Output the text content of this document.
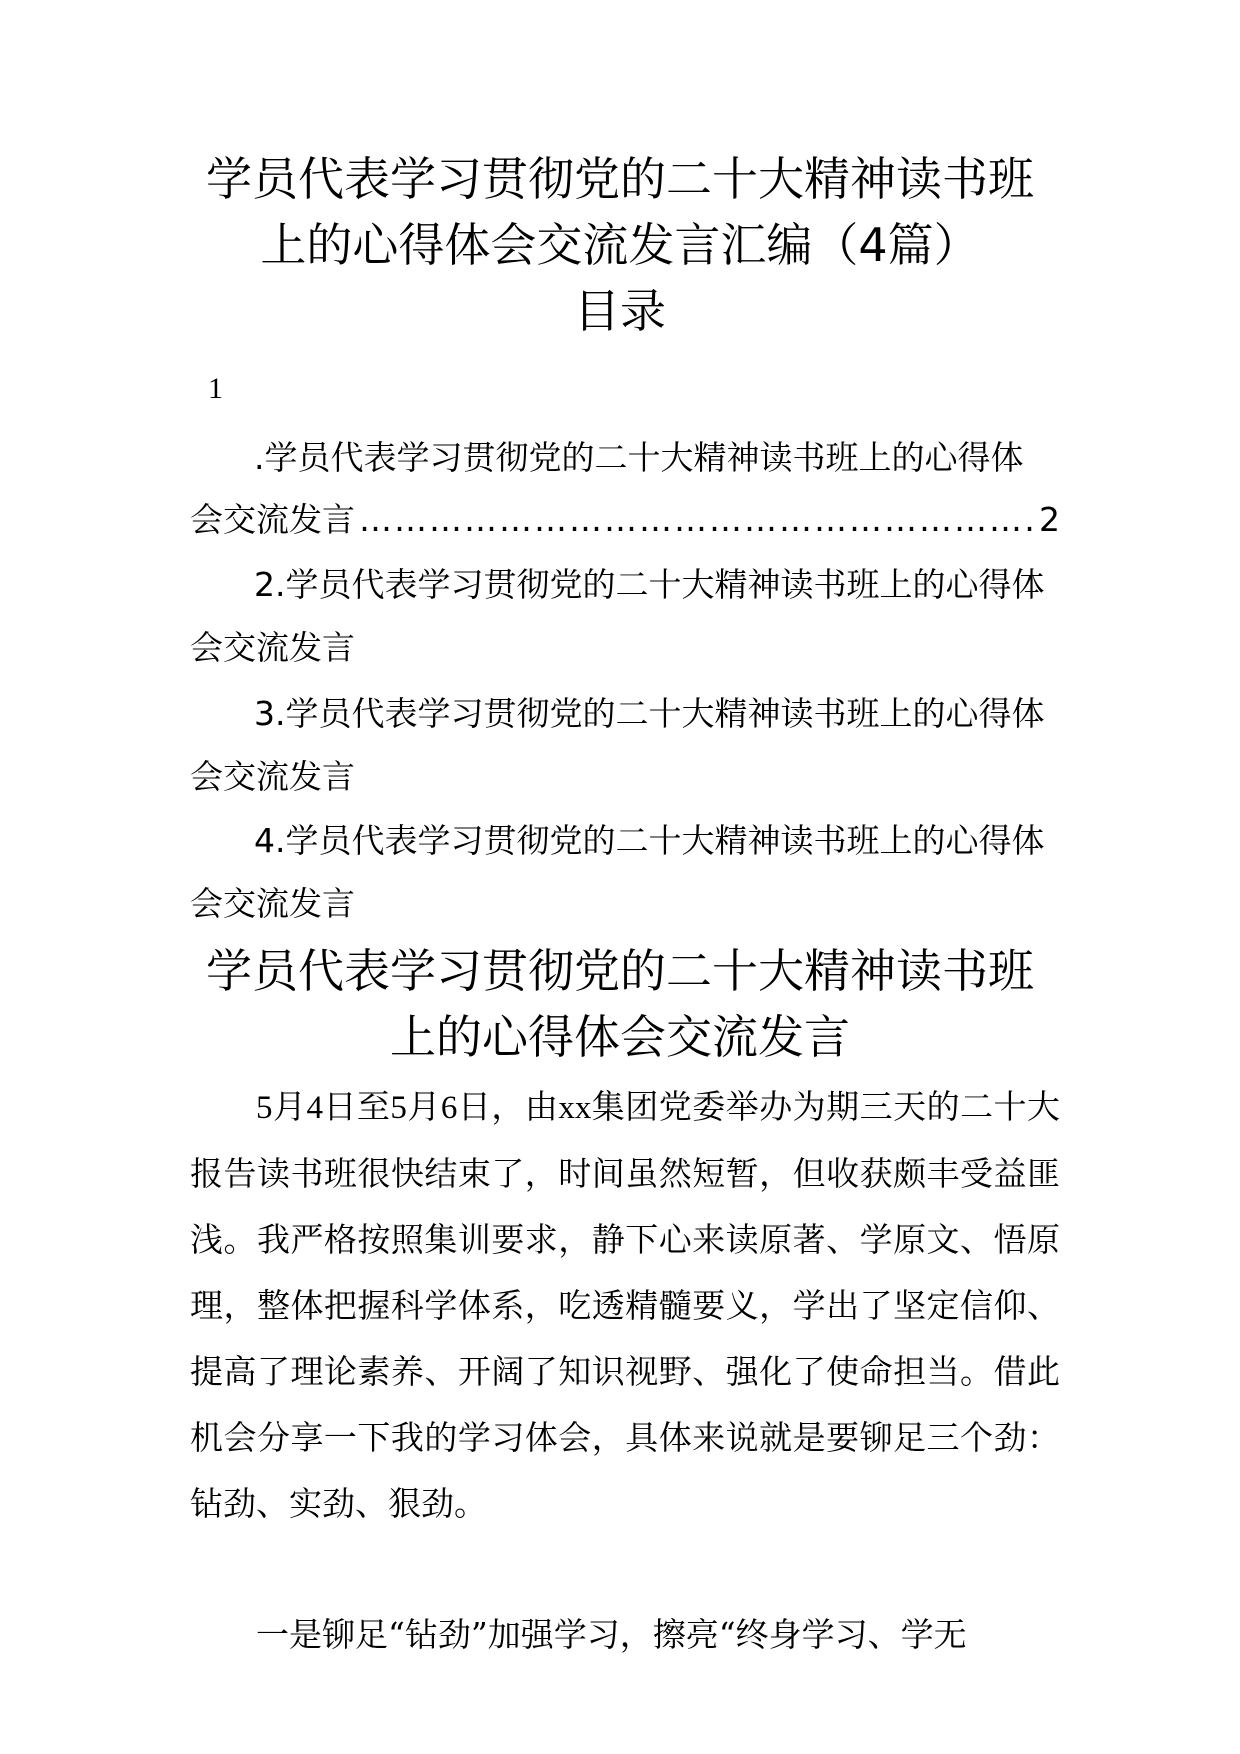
学员代表学习贯彻党的二十大精神读书班
上的心得体会交流发言汇编（4篇）
目录
1
.学员代表学习贯彻党的二十大精神读书班上的心得体
会交流发言
…………………………………………………………………………………………………………………………	2
2.学员代表学习贯彻党的二十大精神读书班上的心得体
会交流发言
3.学员代表学习贯彻党的二十大精神读书班上的心得体
会交流发言
4.学员代表学习贯彻党的二十大精神读书班上的心得体
会交流发言
学员代表学习贯彻党的二十大精神读书班
上的心得体会交流发言

5月4日至5月6日，由xx集团党委举办为期三天的二十大报告读书班很快结束了，时间虽然短暂，但收获颇丰受益匪浅。我严格按照集训要求，静下心来读原著、学原文、悟原理，整体把握科学体系，吃透精髓要义，学出了坚定信仰、提高了理论素养、开阔了知识视野、强化了使命担当。借此机会分享一下我的学习体会，具体来说就是要铆足三个劲：钻劲、实劲、狠劲。

一是铆足“钻劲”加强学习，擦亮“终身学习、学无
